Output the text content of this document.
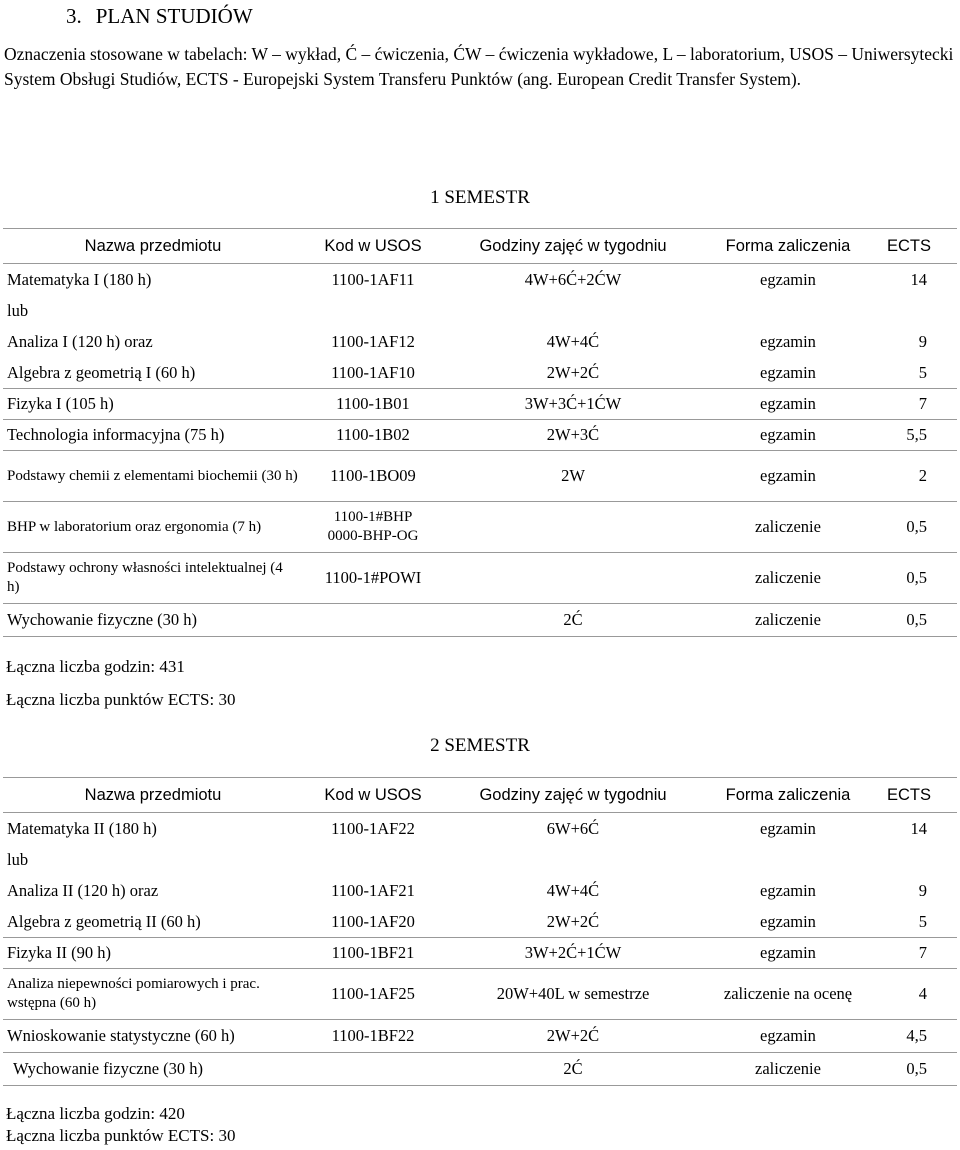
3. PLAN STUDIÓW

Oznaczenia stosowane w tabelach: W – wykład, Ć – ćwiczenia, ĆW – ćwiczenia wykładowe, L – laboratorium, USOS – Uniwersytecki System Obsługi Studiów, ECTS - Europejski System Transferu Punktów (ang. European Credit Transfer System).

1 SEMESTR
Nazwa przedmiotu	Kod w USOS	Godziny zajęć w tygodniu	Forma zaliczenia	ECTS
Matematyka I (180 h)	1100-1AF11	4W+6Ć+2ĆW	egzamin	14
lub				
Analiza I (120 h) oraz	1100-1AF12	4W+4Ć	egzamin	9
Algebra z geometrią I (60 h)	1100-1AF10	2W+2Ć	egzamin	5
Fizyka I (105 h)	1100-1B01	3W+3Ć+1ĆW	egzamin	7
Technologia informacyjna (75 h)	1100-1B02	2W+3Ć	egzamin	5,5
Podstawy chemii z elementami biochemii (30 h)	1100-1BO09	2W	egzamin	2
BHP w laboratorium oraz ergonomia (7 h)	1100-1#BHP
0000-BHP-OG		zaliczenie	0,5
Podstawy ochrony własności intelektualnej (4 h)	1100-1#POWI		zaliczenie	0,5
Wychowanie fizyczne (30 h)		2Ć	zaliczenie	0,5

Łączna liczba godzin: 431

Łączna liczba punktów ECTS: 30

2 SEMESTR
Nazwa przedmiotu	Kod w USOS	Godziny zajęć w tygodniu	Forma zaliczenia	ECTS
Matematyka II (180 h)	1100-1AF22	6W+6Ć	egzamin	14
lub				
Analiza II (120 h) oraz	1100-1AF21	4W+4Ć	egzamin	9
Algebra z geometrią II (60 h)	1100-1AF20	2W+2Ć	egzamin	5
Fizyka II (90 h)	1100-1BF21	3W+2Ć+1ĆW	egzamin	7
Analiza niepewności pomiarowych i prac. wstępna (60 h)	1100-1AF25	20W+40L w semestrze	zaliczenie na ocenę	4
Wnioskowanie statystyczne (60 h)	1100-1BF22	2W+2Ć	egzamin	4,5
Wychowanie fizyczne (30 h)		2Ć	zaliczenie	0,5

Łączna liczba godzin: 420

Łączna liczba punktów ECTS: 30
